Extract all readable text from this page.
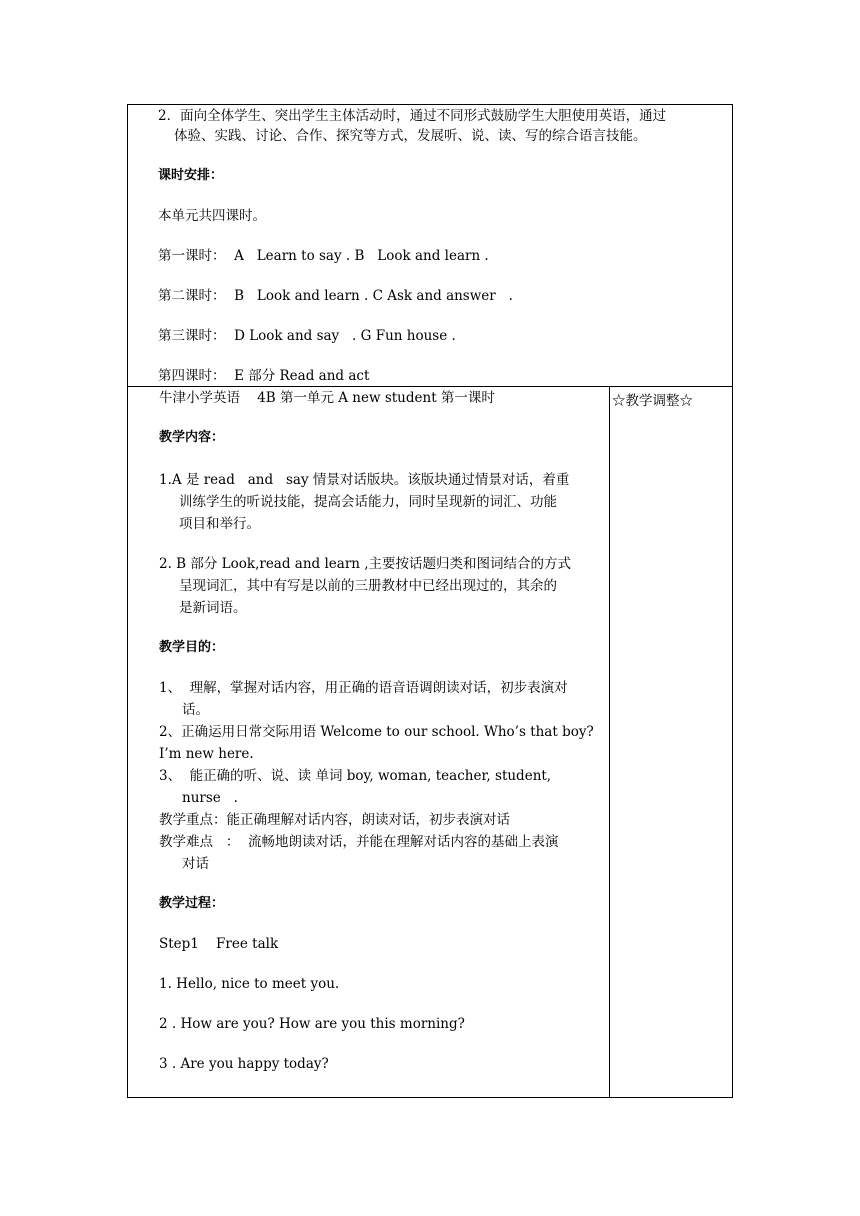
2．面向全体学生、突出学生主体活动时，通过不同形式鼓励学生大胆使用英语，通过
体验、实践、讨论、合作、探究等方式，发展听、说、读、写的综合语言技能。
课时安排：
本单元共四课时。
第一课时：  A   Learn to say . B   Look and learn .
第二课时：  B   Look and learn . C Ask and answer   .
第三课时：  D Look and say   . G Fun house .
第四课时：  E 部分 Read and act
牛津小学英语    4B 第一单元 A new student 第一课时
教学内容：
1.A 是 read   and   say 情景对话版块。该版块通过情景对话，着重
训练学生的听说技能，提高会话能力，同时呈现新的词汇、功能
项目和举行。
2. B 部分 Look,read and learn ,主要按话题归类和图词结合的方式
呈现词汇，其中有写是以前的三册教材中已经出现过的，其余的
是新词语。
教学目的：
1、  理解，掌握对话内容，用正确的语音语调朗读对话，初步表演对
话。
2、正确运用日常交际用语 Welcome to our school. Who’s that boy?
I’m new here.
3、  能正确的听、说、读 单词 boy, woman, teacher, student,
nurse   .
教学重点：能正确理解对话内容，朗读对话，初步表演对话
教学难点   ：  流畅地朗读对话，并能在理解对话内容的基础上表演
对话
教学过程：
Step1    Free talk
1. Hello, nice to meet you.
2 . How are you? How are you this morning?
3 . Are you happy today?
☆教学调整☆
